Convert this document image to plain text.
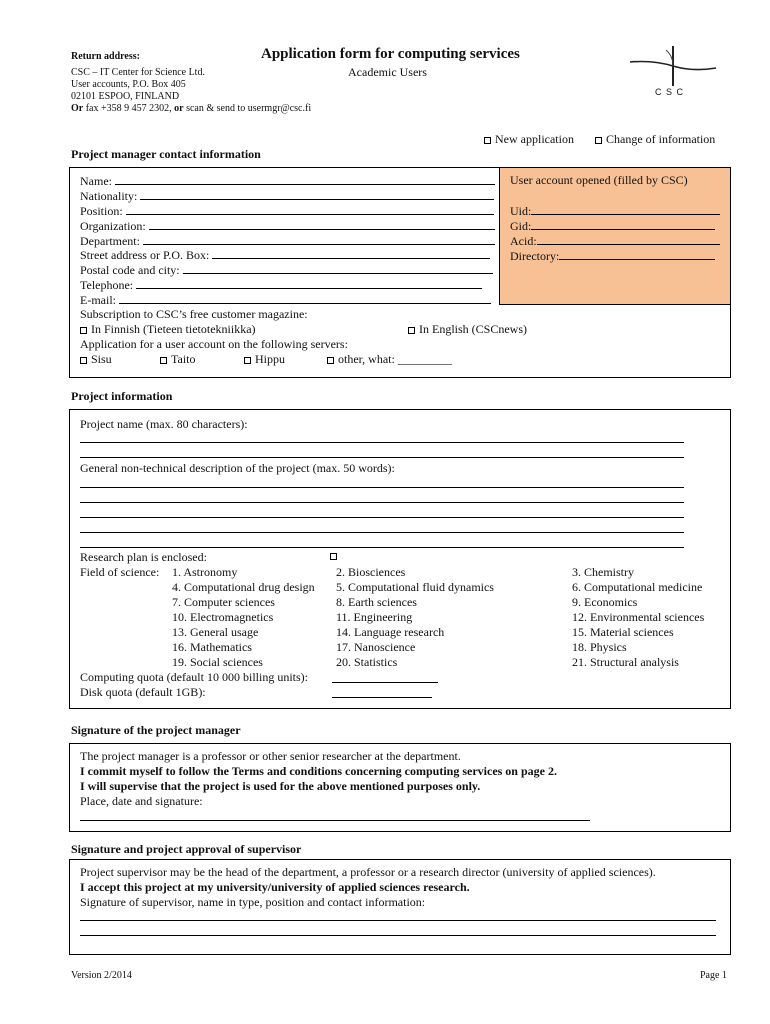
Return address:
CSC – IT Center for Science Ltd.
User accounts, P.O. Box 405
02101 ESPOO, FINLAND
Or fax +358 9 457 2302, or scan & send to usermgr@csc.fi
Application form for computing services
Academic Users
C S C
New application	Change of information
Project manager contact information
Name:
Nationality:
Position:
Organization:
Department:
Street address or P.O. Box:
Postal code and city:
Telephone:
E-mail:
Subscription to CSC’s free customer magazine:
In Finnish (Tieteen tietotekniikka)	In English (CSCnews)
Application for a user account on the following servers:
Sisu	Taito	Hippu	other, what: _________
User account opened (filled by CSC)
Uid:
Gid:
Acid:
Directory:
Project information
Project name (max. 80 characters):
General non-technical description of the project (max. 50 words):
Research plan is enclosed:
Field of science: 1. Astronomy	2. Biosciences	3. Chemistry
4. Computational drug design 5. Computational fluid dynamics	6. Computational medicine
7. Computer sciences	8. Earth sciences	9. Economics
10. Electromagnetics	11. Engineering	12. Environmental sciences
13. General usage	14. Language research	15. Material sciences
16. Mathematics	17. Nanoscience	18. Physics
19. Social sciences	20. Statistics	21. Structural analysis
Computing quota (default 10 000 billing units):
Disk quota (default 1GB):
Signature of the project manager
The project manager is a professor or other senior researcher at the department.
I commit myself to follow the Terms and conditions concerning computing services on page 2.
I will supervise that the project is used for the above mentioned purposes only.
Place, date and signature:
Signature and project approval of supervisor
Project supervisor may be the head of the department, a professor or a research director (university of applied sciences).
I accept this project at my university/university of applied sciences research.
Signature of supervisor, name in type, position and contact information:
Version 2/2014	Page 1
